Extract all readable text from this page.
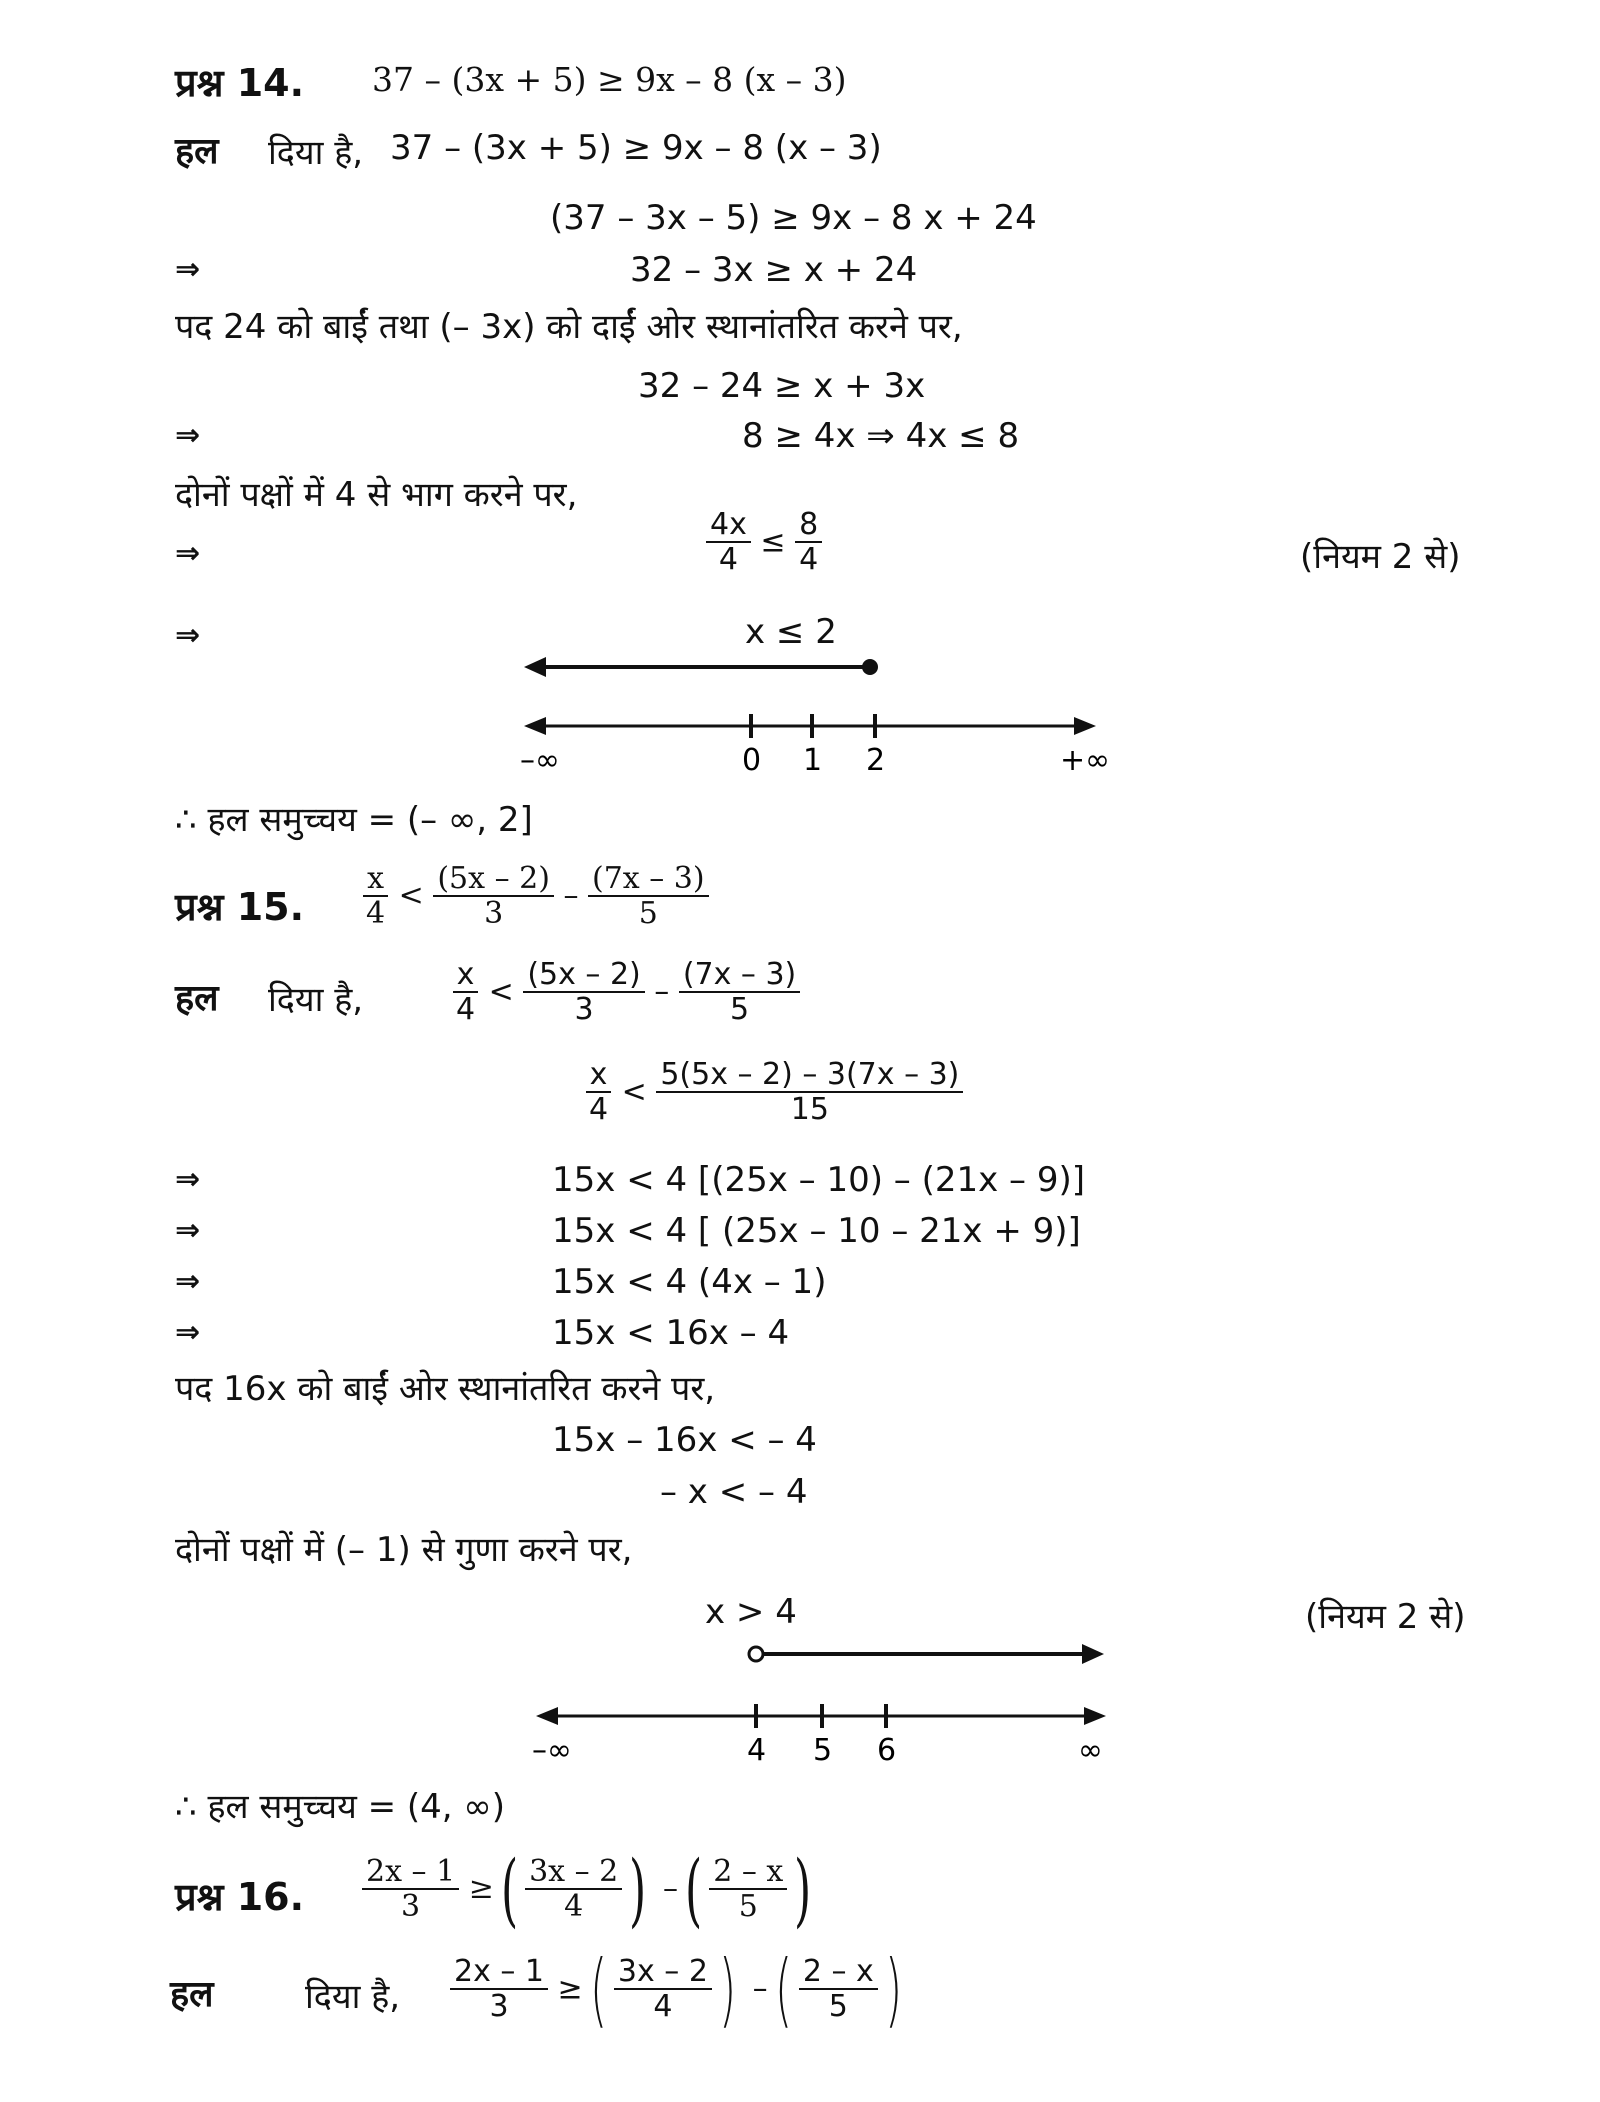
प्रश्न 14. 37 – (3x + 5) ≥ 9x – 8 (x – 3)
हल दिया है, 37 – (3x + 5) ≥ 9x – 8 (x – 3)
(37 – 3x – 5) ≥ 9x – 8 x + 24
⇒	32 – 3x ≥ x + 24
पद 24 को बाईं तथा (– 3x) को दाईं ओर स्थानांतरित करने पर,
32 – 24 ≥ x + 3x
⇒	8 ≥ 4x ⇒ 4x ≤ 8
दोनों पक्षों में 4 से भाग करने पर,
⇒	$\frac{4x}{4} \le \frac{8}{4}$	(नियम 2 से)
⇒	x ≤ 2
–∞	0 1 2	+∞
∴ हल समुच्चय = (– ∞, 2]
प्रश्न 15. $\frac{x}{4} < \frac{(5x - 2)}{3} - \frac{(7x - 3)}{5}$
हल दिया है,	$\frac{x}{4} < \frac{(5x - 2)}{3} - \frac{(7x - 3)}{5}$
$\frac{x}{4} < \frac{5(5x - 2) - 3(7x - 3)}{15}$
⇒	15x < 4 [(25x – 10) – (21x – 9)]
⇒	15x < 4 [ (25x – 10 – 21x + 9)]
⇒	15x < 4 (4x – 1)
⇒	15x < 16x – 4
पद 16x को बाईं ओर स्थानांतरित करने पर,
15x – 16x < – 4
– x < – 4
दोनों पक्षों में (– 1) से गुणा करने पर,
x > 4	(नियम 2 से)
–∞	4 5 6	∞
∴ हल समुच्चय = (4, ∞)
प्रश्न 16. $\frac{2x - 1}{3}$ ≥( $\frac{3x - 2}{4}$ ) –( $\frac{2 - x}{5}$ )
हल	दिया है, $\frac{2x - 1}{3}$ ≥( $\frac{3x - 2}{4}$ ) –( $\frac{2 - x}{5}$ )
